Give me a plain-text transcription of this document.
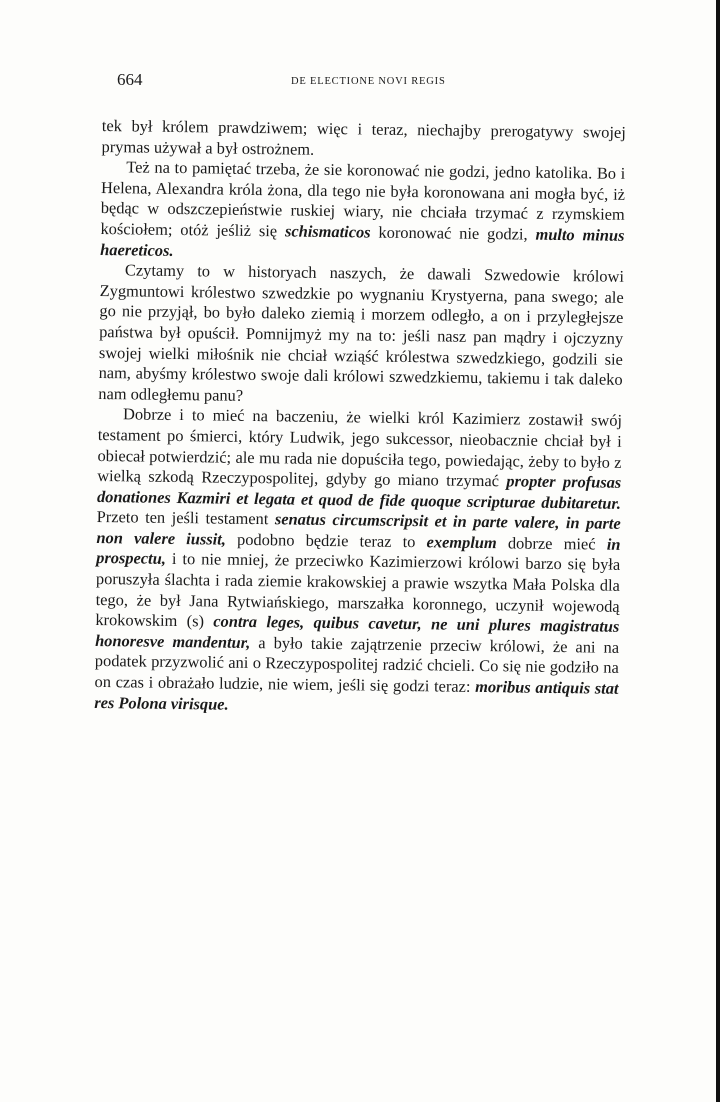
664	DE ELECTIONE NOVI REGIS

tek był królem prawdziwem; więc i teraz, niechajby prerogatywy swojej prymas używał a był ostrożnem.

Też na to pamiętać trzeba, że sie koronować nie godzi, jedno katolika. Bo i Helena, Alexandra króla żona, dla tego nie była koronowana ani mogła być, iż będąc w odszczepieństwie ruskiej wiary, nie chciała trzymać z rzymskiem kościołem; otóż jeśliż się schismaticos koronować nie godzi, multo minus haereticos.

Czytamy to w historyach naszych, że dawali Szwedowie królowi Zygmuntowi królestwo szwedzkie po wygnaniu Krystyerna, pana swego; ale go nie przyjął, bo było daleko ziemią i morzem odległo, a on i przyległejsze państwa był opuścił. Pomnijmyż my na to: jeśli nasz pan mądry i ojczyzny swojej wielki miłośnik nie chciał wziąść królestwa szwedzkiego, godzili sie nam, abyśmy królestwo swoje dali królowi szwedzkiemu, takiemu i tak daleko nam odległemu panu?

Dobrze i to mieć na baczeniu, że wielki król Kazimierz zostawił swój testament po śmierci, który Ludwik, jego sukcessor, nieobacznie chciał był i obiecał potwierdzić; ale mu rada nie dopuściła tego, powiedając, żeby to było z wielką szkodą Rzeczypospolitej, gdyby go miano trzymać propter profusas donationes Kazmiri et legata et quod de fide quoque scripturae dubitaretur. Przeto ten jeśli testament senatus circumscripsit et in parte valere, in parte non valere iussit, podobno będzie teraz to exemplum dobrze mieć in prospectu, i to nie mniej, że przeciwko Kazimierzowi królowi barzo się była poruszyła ślachta i rada ziemie krakowskiej a prawie wszytka Mała Polska dla tego, że był Jana Rytwiańskiego, marszałka koronnego, uczynił wojewodą krokowskim (s) contra leges, quibus cavetur, ne uni plures magistratus honoresve mandentur, a było takie zajątrzenie przeciw królowi, że ani na podatek przyzwolić ani o Rzeczypospolitej radzić chcieli. Co się nie godziło na on czas i obrażało ludzie, nie wiem, jeśli się godzi teraz: moribus antiquis stat res Polona virisque.
